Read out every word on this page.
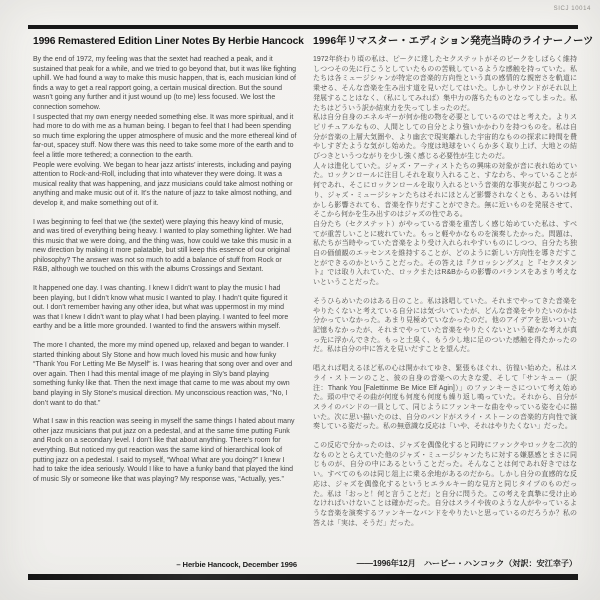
SICJ 10014
1996 Remastered Edition Liner Notes By Herbie Hancock

By the end of 1972, my feeling was that the sextet had reached a peak, and it sustained that peak for a while, and we tried to go beyond that, but it was like fighting uphill. We had found a way to make this music happen, that is, each musician kind of finds a way to get a real rapport going, a certain musical direction. But the sound wasn’t going any further and it just wound up (to me) less focused. We lost the connection somehow.

I suspected that my own energy needed something else. It was more spiritual, and it had more to do with me as a human being. I began to feel that I had been spending so much time exploring the upper atmosphere of music and the more ethereal kind of far-out, spacey stuff. Now there was this need to take some more of the earth and to feel a little more tethered; a connection to the earth.

People were evolving. We began to hear jazz artists’ interests, including and paying attention to Rock-and-Roll, including that into whatever they were doing. It was a musical reality that was happening, and jazz musicians could take almost nothing or anything and make music out of it. It’s the nature of jazz to take almost nothing, and develop it, and make something out of it.

I was beginning to feel that we (the sextet) were playing this heavy kind of music, and was tired of everything being heavy. I wanted to play something lighter. We had this music that we were doing, and the thing was, how could we take this music in a new direction by making it more palatable, but still keep this essence of our original philosophy? The answer was not so much to add a balance of stuff from Rock or R&B, although we touched on this with the albums Crossings and Sextant.

It happened one day. I was chanting. I knew I didn’t want to play the music I had been playing, but I didn’t know what music I wanted to play. I hadn’t quite figured it out. I don’t remember having any other idea, but what was uppermost in my mind was that I knew I didn’t want to play what I had been playing. I wanted to feel more earthy and be a little more grounded. I wanted to find the answers within myself.

The more I chanted, the more my mind opened up, relaxed and began to wander. I started thinking about Sly Stone and how much loved his music and how funky “Thank You For Letting Me Be Myself” is. I was hearing that song over and over and over again. Then I had this mental image of me playing in Sly’s band playing something funky like that. Then the next image that came to me was about my own band playing in Sly Stone’s musical direction. My unconscious reaction was, “No, I don’t want to do that.”

What I saw in this reaction was seeing in myself the same things I hated about many other jazz musicians that put jazz on a pedestal, and at the same time putting Funk and Rock on a secondary level. I don’t like that about anything. There’s room for everything. But noticed my gut reaction was the same kind of hierarchical look of putting jazz on a pedestal. I said to myself, “Whoa! What are you doing?” I knew I had to take the idea seriously. Would I like to have a funky band that played the kind of music Sly or someone like that was playing? My response was, “Actually, yes.”

– Herbie Hancock, December 1996
1996年リマスター・エディション発売当時のライナーノーツ

1972年終わり頃の私は、ピークに達したセクステットがそのピークをしばらく維持しつつその先に行こうとしていたものの苦戦しているような感触を持っていた。私たちは各ミュージシャンが特定の音楽的方向性という真の感情的な親密さを軌道に乗せる、そんな音楽を生み出す道を見いだしてはいた。しかしサウンドがそれ以上発展することはなく、（私にしてみれば）集中力の落ちたものとなってしまった。私たちはどういう訳か結束力を失ってしまったのだ。

私は自分自身のエネルギーが何か他の物を必要としているのではと考えた。よりスピリチュアルなもの、人間としての自分とより強いかかわりを持つものを。私は自分が音楽の上層大気圏や、より幽玄で現実離れした宇宙的なものの探求に時間を費やしすぎたような気がし始めた。今度は地球をいくらか多く取り上げ、大地との結びつきというつながりを少し強く感じる必要性が生じたのだ。

人々は進化していた。ジャズ・アーティストたちの興味の対象が音に表れ始めていた。ロックンロールに注目しそれを取り入れること、すなわち、やっていることが何であれ、そこにロックンロールを取り入れるという音楽的な事実が起こりつつあり、ジャズ・ミュージシャンたちはそれにほとんど影響されなくとも、あるいは何かしら影響されても、音楽を作りだすことができた。無に近いものを発展させて、そこから何かを生み出すのはジャズの性である。

自分たち（セクステット）がやっている音楽を重苦しく感じ始めていた私は、すべてが重苦しいことに疲れていた。もっと軽やかなものを演奏したかった。問題は、私たちが当時やっていた音楽をより受け入れられやすいものにしつつ、自分たち独自の価値観のエッセンスを維持することが、どのように新しい方向性を導きだすことができるのかということだった。その答えは『クロッシングス』と『セクスタント』では取り入れていた、ロックまたはR&Bからの影響のバランスをあまり考えないということだった。

そうひらめいたのはある日のこと。私は詠唱していた。それまでやってきた音楽をやりたくないと考えている自分には気づいていたが、どんな音楽をやりたいのかは分かっていなかった。あまり見極めていなかったのだ。他のアイデアを思いついた記憶もなかったが、それまでやっていた音楽をやりたくないという確かな考えが真っ先に浮かんできた。もっと土臭く、もう少し地に足のついた感触を得たかったのだ。私は自分の中に答えを見いだすことを望んだ。

唱えれば唱えるほど私の心は開かれてゆき、緊張もほぐれ、彷徨い始めた。私はスライ・ストーンのこと、彼の自身の音楽への大きな愛、そして「サンキュー（訳注：Thank You [Falettinme Be Mice Elf Agin]）」のファンキーさについて考え始めた。頭の中でその曲が何度も何度も何度も繰り返し鳴っていた。それから、自分がスライのバンドの一員として、同じようにファンキーな曲をやっている姿を心に描いた。次に思い描いたのは、自分のバンドがスライ・ストーンの音楽的方向性で演奏している姿だった。私の無意識な反応は「いや、それはやりたくない」だった。

この反応で分かったのは、ジャズを偶像化すると同時にファンクやロックを二次的なものととらえていた他のジャズ・ミュージシャンたちに対する嫌悪感とまさに同じものが、自分の中にあるということだった。そんなことは何であれ好きではない。すべてのものは同じ俎上に乗る余地があるのだから。しかし自分の直感的な反応は、ジャズを偶像化するというヒエラルキー的な見方と同じタイプのものだった。私は「おっと！何と言うことだ」と自分に問うた。この考えを真摯に受け止めなければいけないことは確かだった。自分はスライや彼のような人がやっているような音楽を演奏するファンキーなバンドをやりたいと思っているのだろうか？私の答えは「実は、そうだ」だった。

――1996年12月　ハービー・ハンコック（対訳：安江幸子）
